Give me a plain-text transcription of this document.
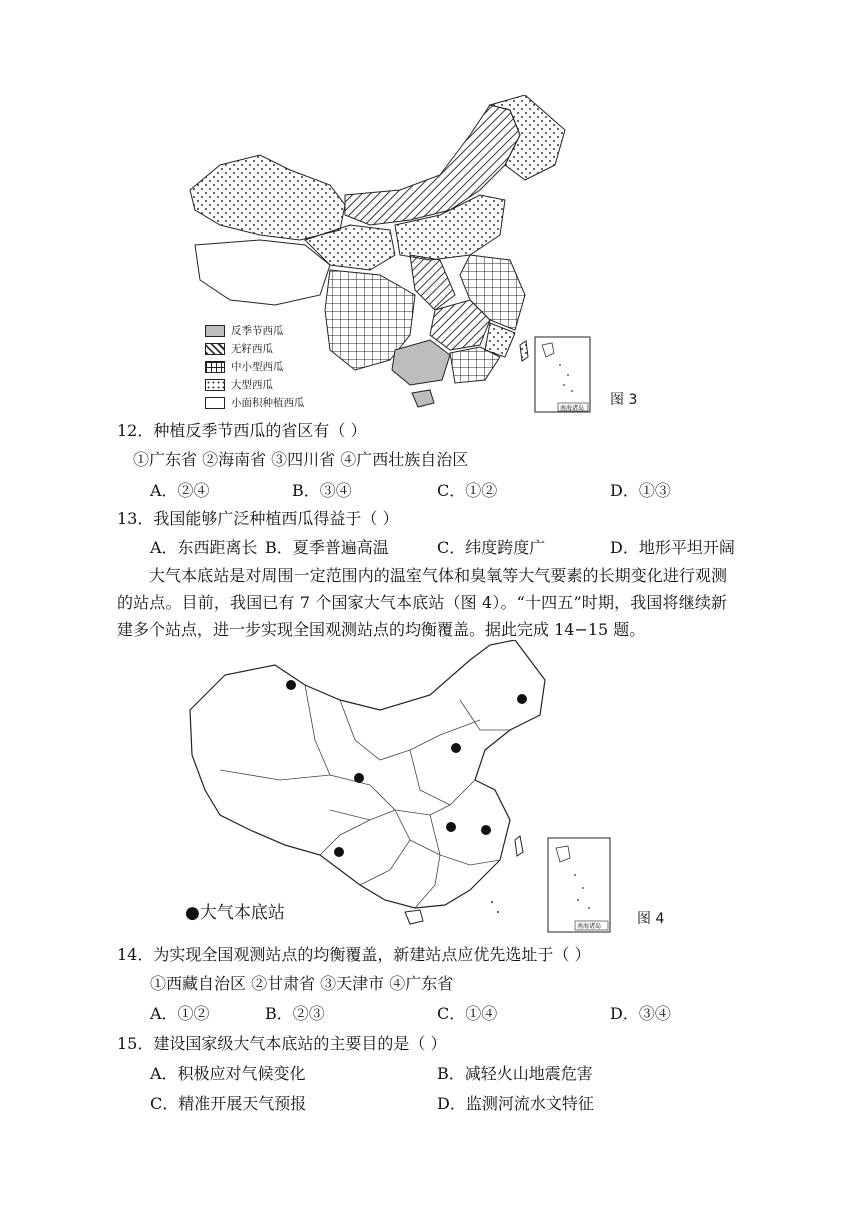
南海诸岛
反季节西瓜
无籽西瓜
中小型西瓜
大型西瓜
小面积种植西瓜	图 3
12．种植反季节西瓜的省区有（ ）
①广东省 ②海南省 ③四川省 ④广西壮族自治区
A．②④	B．③④	C．①②	D．①③
13．我国能够广泛种植西瓜得益于（ ）
A．东西距离长 B．夏季普遍高温	C．纬度跨度广	D．地形平坦开阔

大气本底站是对周围一定范围内的温室气体和臭氧等大气要素的长期变化进行观测的站点。目前，我国已有 7 个国家大气本底站（图 4）。“十四五”时期，我国将继续新建多个站点，进一步实现全国观测站点的均衡覆盖。据此完成 14−15 题。

南海诸岛
●大气本底站	图 4
14．为实现全国观测站点的均衡覆盖，新建站点应优先选址于（ ）
①西藏自治区 ②甘肃省 ③天津市 ④广东省
A．①②	B．②③	C．①④	D．③④
15．建设国家级大气本底站的主要目的是（ ）
A．积极应对气候变化	B．减轻火山地震危害
C．精准开展天气预报	D．监测河流水文特征
